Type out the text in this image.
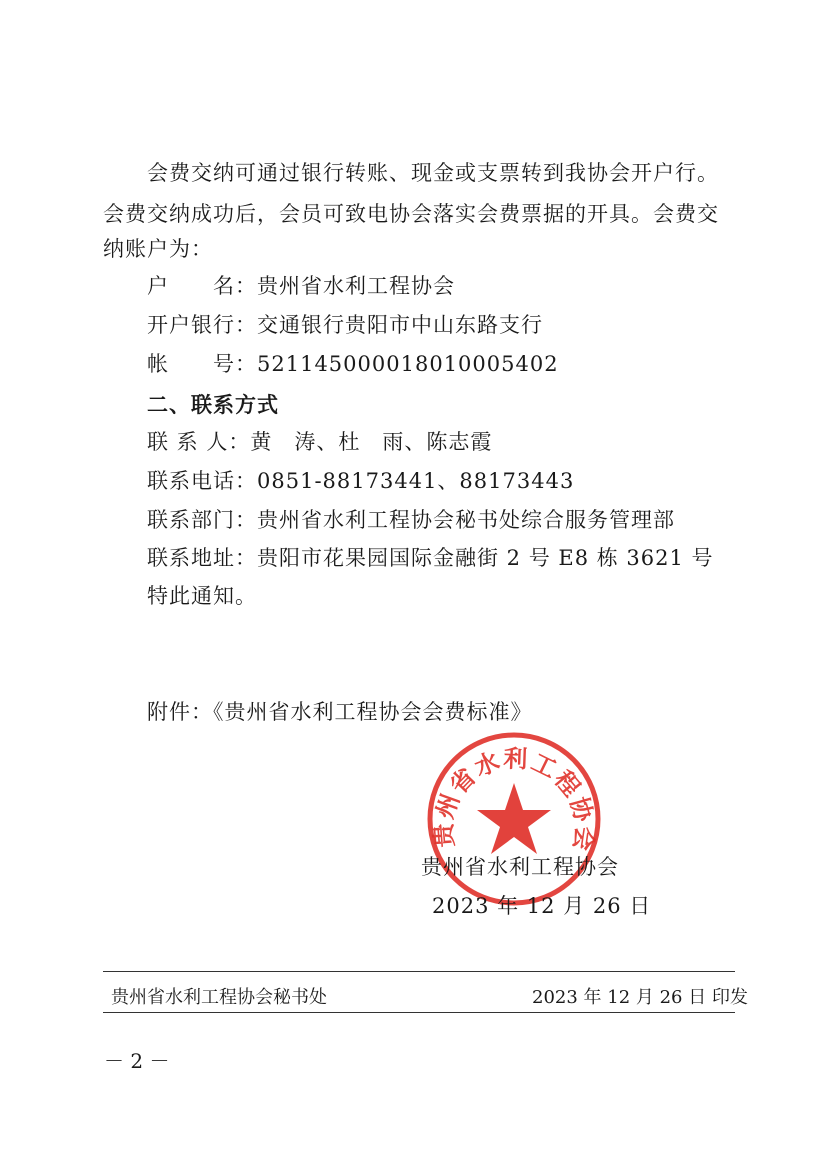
会费交纳可通过银行转账、现金或支票转到我协会开户行。
会费交纳成功后，会员可致电协会落实会费票据的开具。会费交
纳账户为：
户　　名：贵州省水利工程协会
开户银行：交通银行贵阳市中山东路支行
帐　　号：521145000018010005402
二、联系方式
联 系 人：黄　涛、杜　雨、陈志霞
联系电话：0851-88173441、88173443
联系部门：贵州省水利工程协会秘书处综合服务管理部
联系地址：贵阳市花果园国际金融街 2 号 E8 栋 3621 号
特此通知。
附件：《贵州省水利工程协会会费标准》
贵州省水利工程协会
贵州省水利工程协会
2023 年 12 月 26 日
贵州省水利工程协会秘书处	2023 年 12 月 26 日 印发
－ 2 －
